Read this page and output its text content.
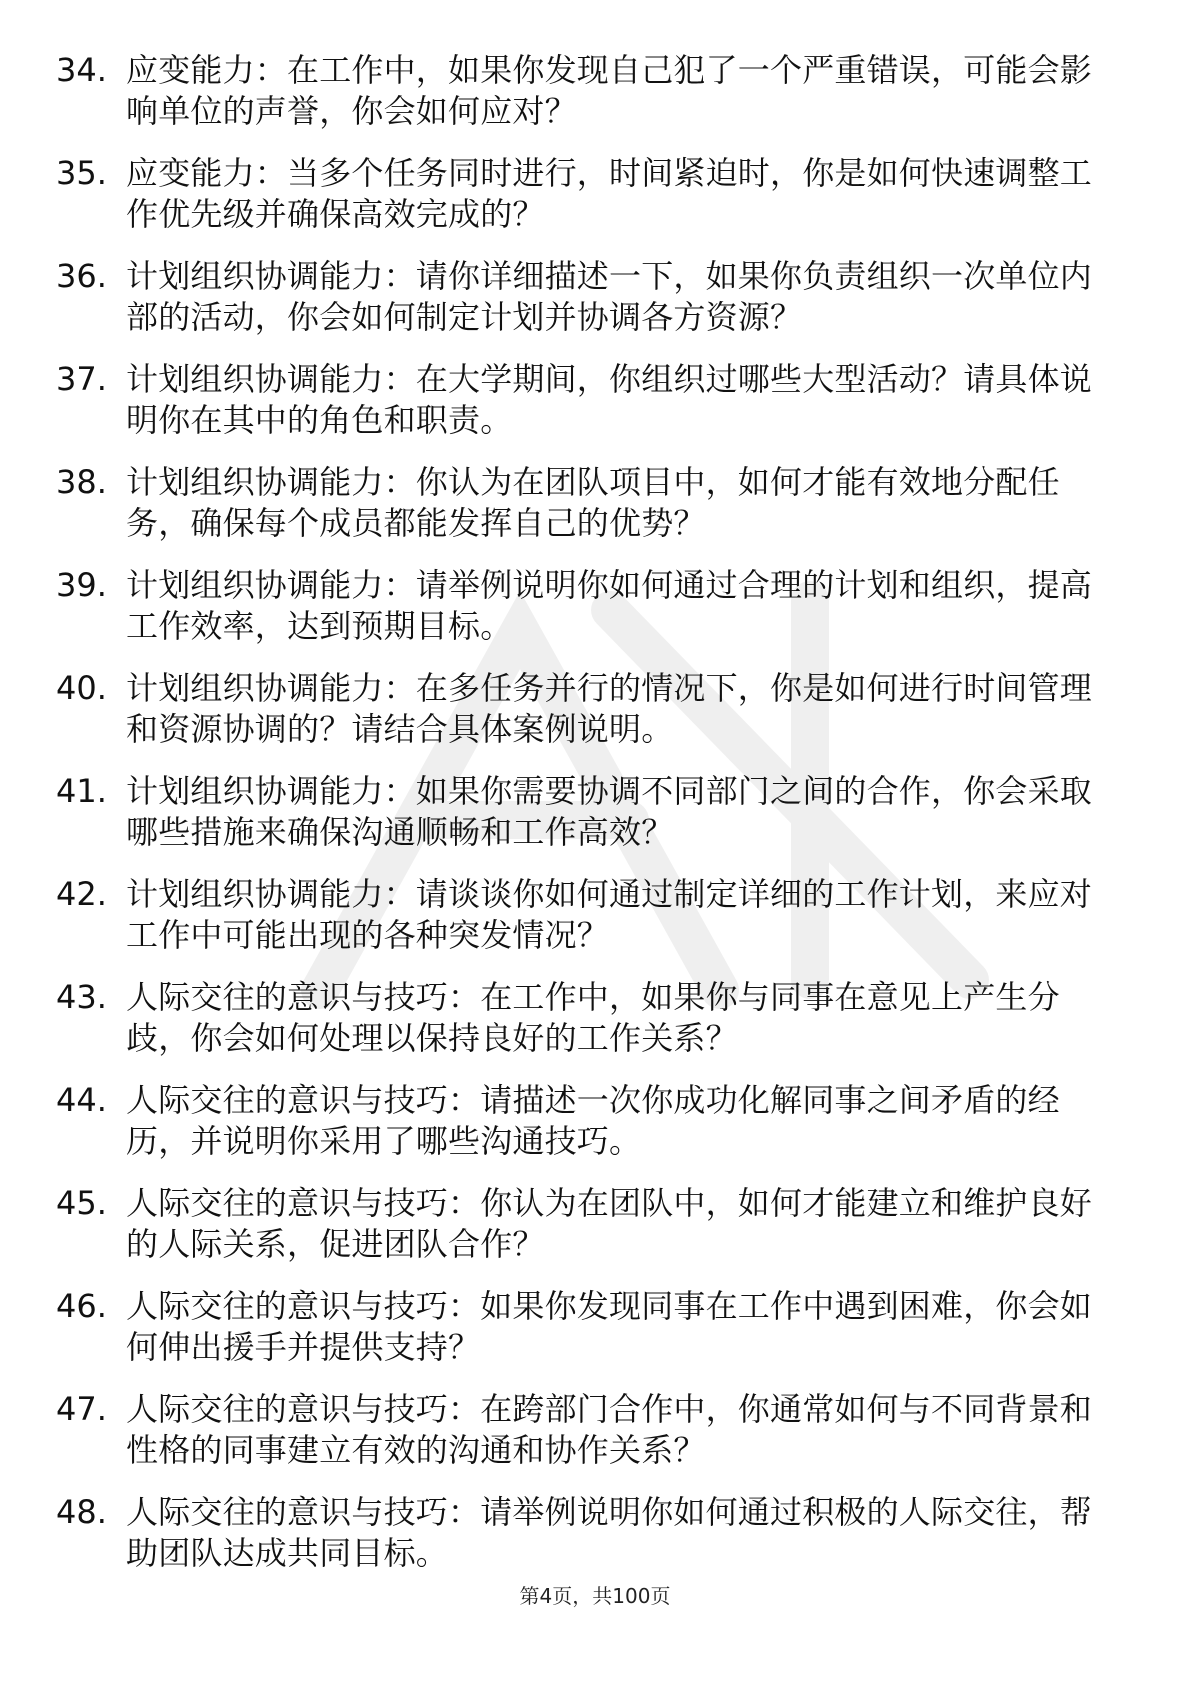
34. 应变能力：在工作中，如果你发现自己犯了一个严重错误，可能会影响单位的声誉，你会如何应对？
35. 应变能力：当多个任务同时进行，时间紧迫时，你是如何快速调整工作优先级并确保高效完成的？
36. 计划组织协调能力：请你详细描述一下，如果你负责组织一次单位内部的活动，你会如何制定计划并协调各方资源？
37. 计划组织协调能力：在大学期间，你组织过哪些大型活动？请具体说明你在其中的角色和职责。
38. 计划组织协调能力：你认为在团队项目中，如何才能有效地分配任务，确保每个成员都能发挥自己的优势？
39. 计划组织协调能力：请举例说明你如何通过合理的计划和组织，提高工作效率，达到预期目标。
40. 计划组织协调能力：在多任务并行的情况下，你是如何进行时间管理和资源协调的？请结合具体案例说明。
41. 计划组织协调能力：如果你需要协调不同部门之间的合作，你会采取哪些措施来确保沟通顺畅和工作高效？
42. 计划组织协调能力：请谈谈你如何通过制定详细的工作计划，来应对工作中可能出现的各种突发情况？
43. 人际交往的意识与技巧：在工作中，如果你与同事在意见上产生分歧，你会如何处理以保持良好的工作关系？
44. 人际交往的意识与技巧：请描述一次你成功化解同事之间矛盾的经历，并说明你采用了哪些沟通技巧。
45. 人际交往的意识与技巧：你认为在团队中，如何才能建立和维护良好的人际关系，促进团队合作？
46. 人际交往的意识与技巧：如果你发现同事在工作中遇到困难，你会如何伸出援手并提供支持？
47. 人际交往的意识与技巧：在跨部门合作中，你通常如何与不同背景和性格的同事建立有效的沟通和协作关系？
48. 人际交往的意识与技巧：请举例说明你如何通过积极的人际交往，帮助团队达成共同目标。
第4页，共100页
